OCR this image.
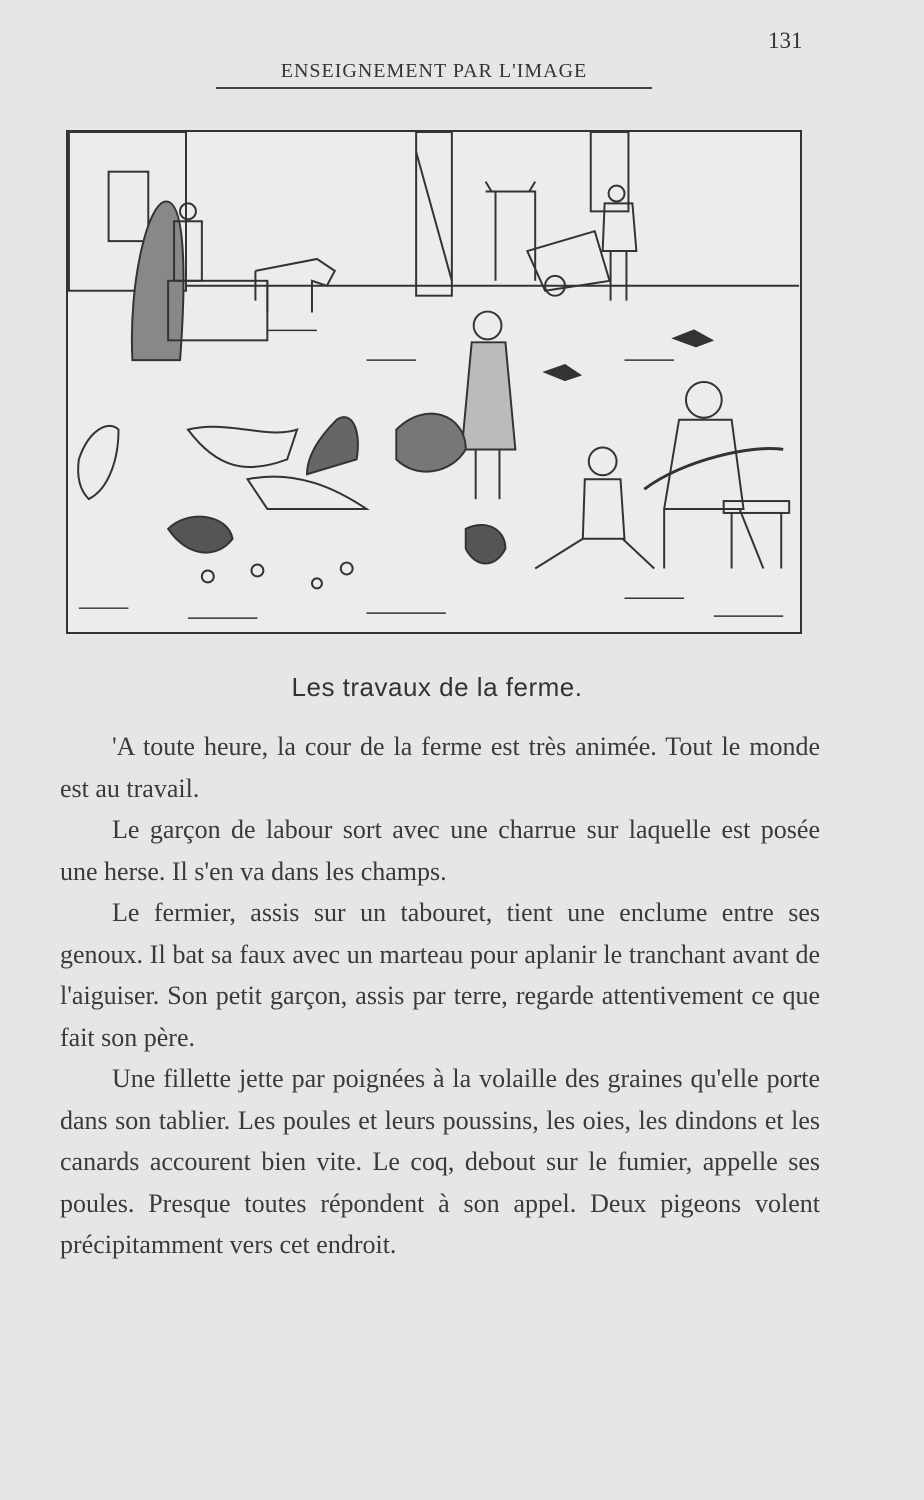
131
ENSEIGNEMENT PAR L'IMAGE
Les travaux de la ferme.

'A toute heure, la cour de la ferme est très animée. Tout le monde est au travail.

Le garçon de labour sort avec une charrue sur laquelle est posée une herse. Il s'en va dans les champs.

Le fermier, assis sur un tabouret, tient une enclume entre ses genoux. Il bat sa faux avec un marteau pour aplanir le tranchant avant de l'aiguiser. Son petit garçon, assis par terre, regarde attentivement ce que fait son père.

Une fillette jette par poignées à la volaille des graines qu'elle porte dans son tablier. Les poules et leurs poussins, les oies, les dindons et les canards accourent bien vite. Le coq, debout sur le fumier, appelle ses poules. Presque toutes répondent à son appel. Deux pigeons volent précipitamment vers cet endroit.
